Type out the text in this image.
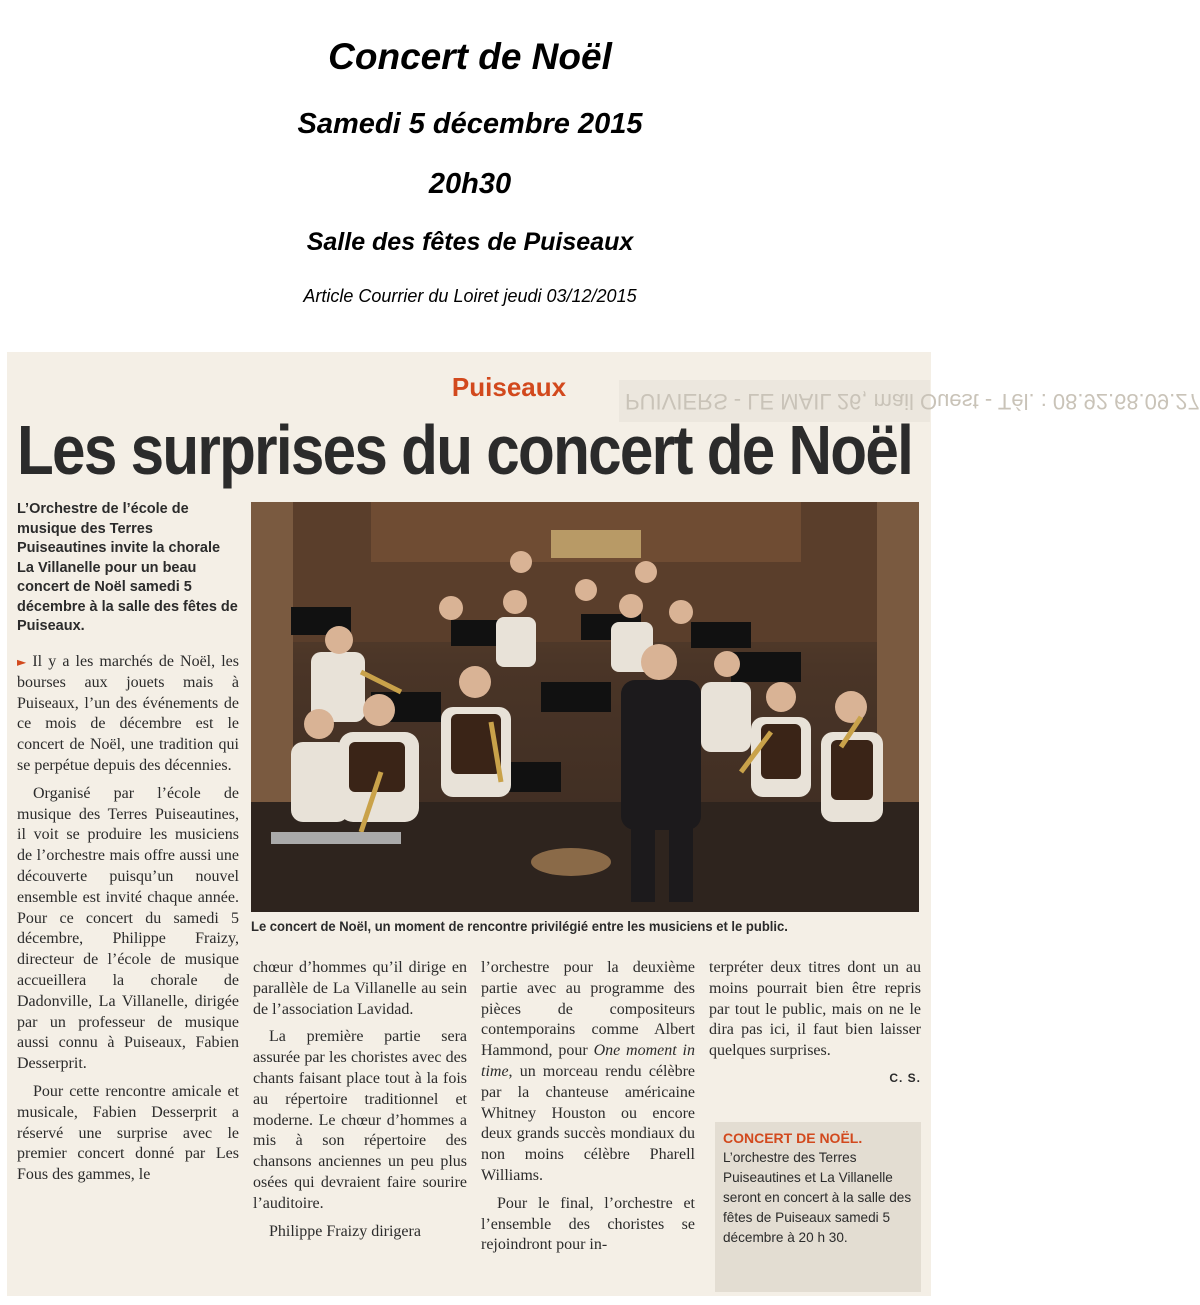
Concert de Noël
Samedi 5 décembre 2015
20h30
Salle des fêtes de Puiseaux
Article Courrier du Loiret jeudi 03/12/2015
PUIVIERS - LE MAIL 26, mail Ouest - Tél. : 08.92.68.09.27
Puiseaux
Les surprises du concert de Noël
L’Orchestre de l’école de musique des Terres Puiseautines invite la chorale La Villanelle pour un beau concert de Noël samedi 5 décembre à la salle des fêtes de Puiseaux.
Le concert de Noël, un moment de rencontre privilégié entre les musiciens et le public.

► Il y a les marchés de Noël, les bourses aux jouets mais à Puiseaux, l’un des événements de ce mois de décembre est le concert de Noël, une tradition qui se perpétue depuis des décennies.

Organisé par l’école de musique des Terres Puiseautines, il voit se produire les musiciens de l’orchestre mais offre aussi une découverte puisqu’un nouvel ensemble est invité chaque année. Pour ce concert du samedi 5 décembre, Philippe Fraizy, directeur de l’école de musique accueillera la chorale de Dadonville, La Villanelle, dirigée par un professeur de musique aussi connu à Puiseaux, Fabien Desserprit.

Pour cette rencontre amicale et musicale, Fabien Desserprit a réservé une surprise avec le premier concert donné par Les Fous des gammes, le

chœur d’hommes qu’il dirige en parallèle de La Villanelle au sein de l’association Lavidad.

La première partie sera assurée par les choristes avec des chants faisant place tout à la fois au répertoire traditionnel et moderne. Le chœur d’hommes a mis à son répertoire des chansons anciennes un peu plus osées qui devraient faire sourire l’auditoire.

Philippe Fraizy dirigera

l’orchestre pour la deuxième partie avec au programme des pièces de compositeurs contemporains comme Albert Hammond, pour One moment in time, un morceau rendu célèbre par la chanteuse américaine Whitney Houston ou encore deux grands succès mondiaux du non moins célèbre Pharell Williams.

Pour le final, l’orchestre et l’ensemble des choristes se rejoindront pour in-

terpréter deux titres dont un au moins pourrait bien être repris par tout le public, mais on ne le dira pas ici, il faut bien laisser quelques surprises.

C. S.
CONCERT DE NOËL.
L’orchestre des Terres Puiseautines et La Villanelle seront en concert à la salle des fêtes de Puiseaux samedi 5 décembre à 20 h 30.
